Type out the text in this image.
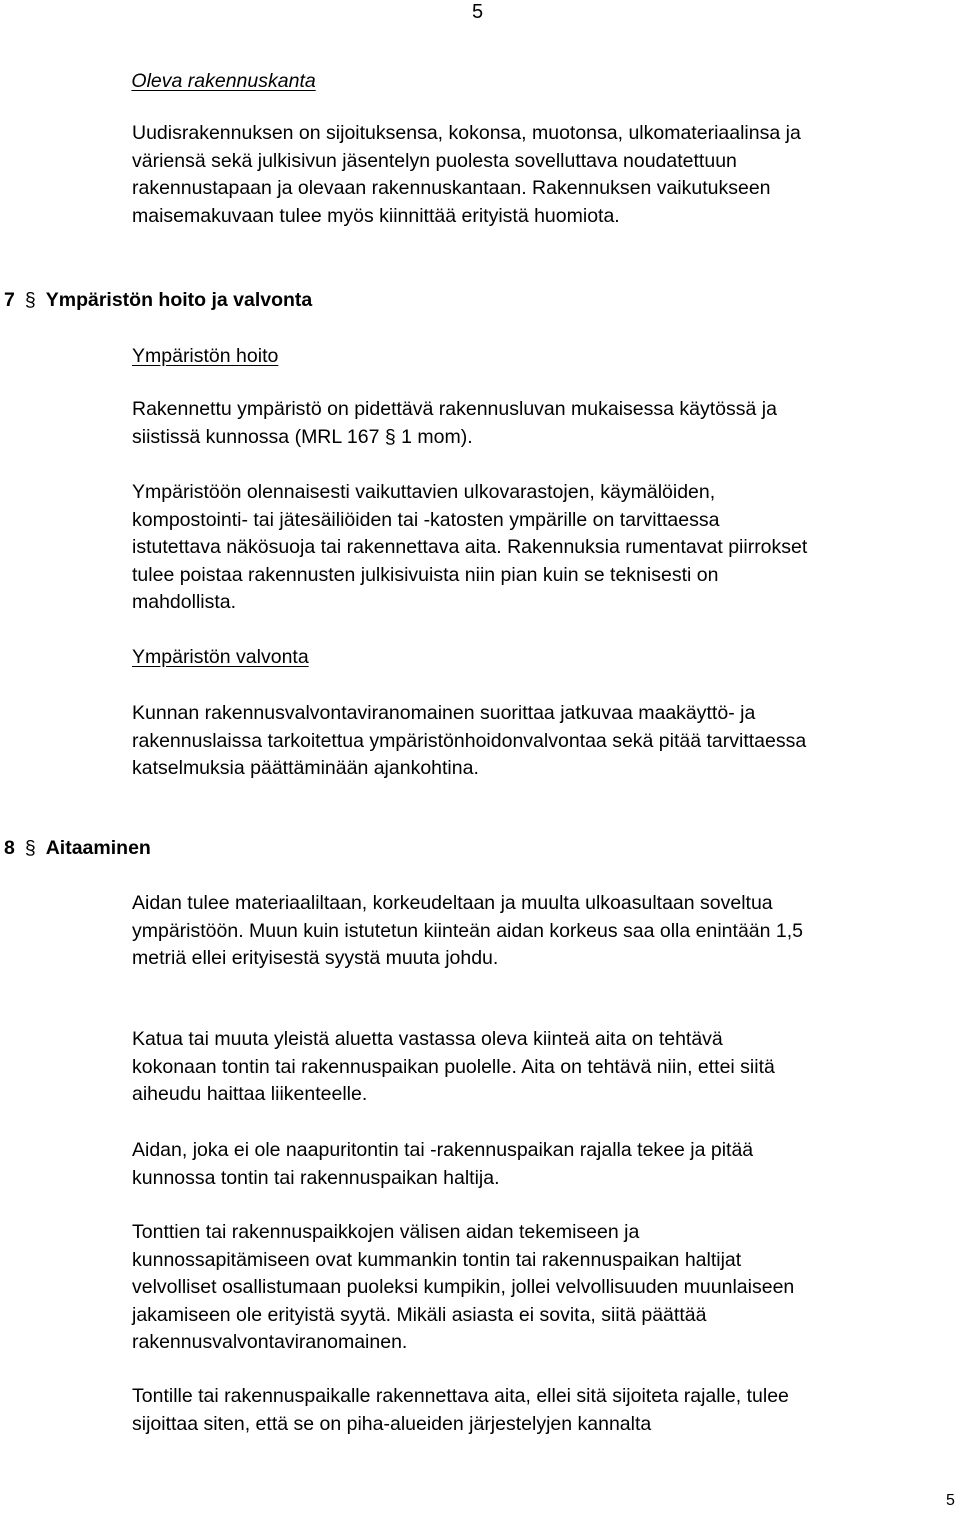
5
Oleva rakennuskanta
Uudisrakennuksen on sijoituksensa, kokonsa, muotonsa, ulkomateriaalinsa ja
väriensä sekä julkisivun jäsentelyn puolesta sovelluttava noudatettuun
rakennustapaan ja olevaan rakennuskantaan. Rakennuksen vaikutukseen
maisemakuvaan tulee myös kiinnittää erityistä huomiota.
7 § Ympäristön hoito ja valvonta
Ympäristön hoito
Rakennettu ympäristö on pidettävä rakennusluvan mukaisessa käytössä ja
siistissä kunnossa (MRL 167 § 1 mom).
Ympäristöön olennaisesti vaikuttavien ulkovarastojen, käymälöiden,
kompostointi- tai jätesäiliöiden tai -katosten ympärille on tarvittaessa
istutettava näkösuoja tai rakennettava aita. Rakennuksia rumentavat piirrokset
tulee poistaa rakennusten julkisivuista niin pian kuin se teknisesti on
mahdollista.
Ympäristön valvonta
Kunnan rakennusvalvontaviranomainen suorittaa jatkuvaa maakäyttö- ja
rakennuslaissa tarkoitettua ympäristönhoidonvalvontaa sekä pitää tarvittaessa
katselmuksia päättäminään ajankohtina.
8 § Aitaaminen
Aidan tulee materiaaliltaan, korkeudeltaan ja muulta ulkoasultaan soveltua
ympäristöön. Muun kuin istutetun kiinteän aidan korkeus saa olla enintään 1,5
metriä ellei erityisestä syystä muuta johdu.
Katua tai muuta yleistä aluetta vastassa oleva kiinteä aita on tehtävä
kokonaan tontin tai rakennuspaikan puolelle. Aita on tehtävä niin, ettei siitä
aiheudu haittaa liikenteelle.
Aidan, joka ei ole naapuritontin tai -rakennuspaikan rajalla tekee ja pitää
kunnossa tontin tai rakennuspaikan haltija.
Tonttien tai rakennuspaikkojen välisen aidan tekemiseen ja
kunnossapitämiseen ovat kummankin tontin tai rakennuspaikan haltijat
velvolliset osallistumaan puoleksi kumpikin, jollei velvollisuuden muunlaiseen
jakamiseen ole erityistä syytä. Mikäli asiasta ei sovita, siitä päättää
rakennusvalvontaviranomainen.
Tontille tai rakennuspaikalle rakennettava aita, ellei sitä sijoiteta rajalle, tulee
sijoittaa siten, että se on piha-alueiden järjestelyjen kannalta
5
